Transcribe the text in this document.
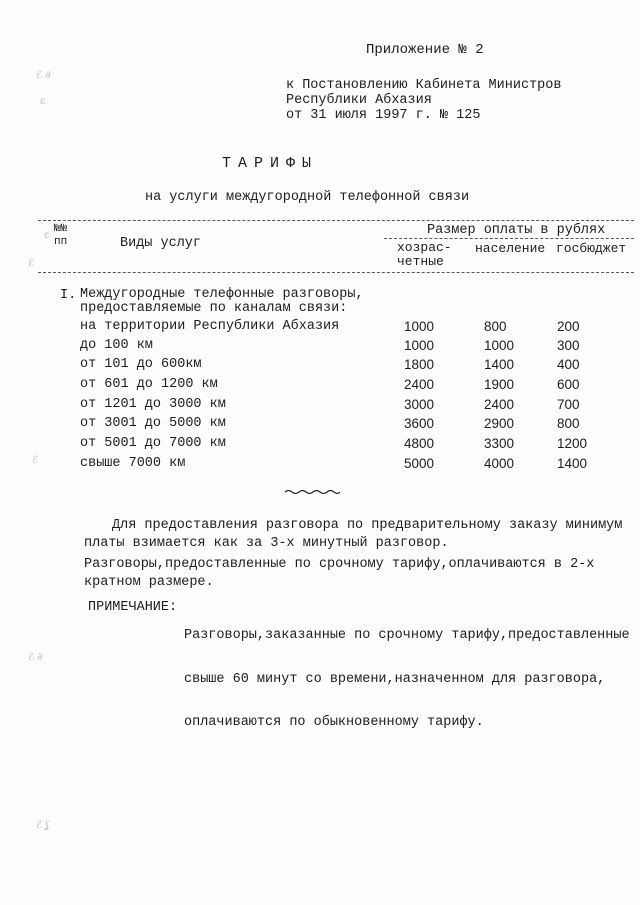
ℰ ∂
ɛ
ɛ
ℰ
ℰ
ℰ ∂
ℰ ʆ
Приложение № 2
к Постановлению Кабинета Министров
Республики Абхазия
от 31 июля 1997 г. № 125
ТАРИФЫ
на услуги междугородной телефонной связи
№№
пп	Виды услуг
Размер оплаты в рублях
хозрас-
четные
население госбюджет
I. Междугородные телефонные разговоры,
предоставляемые по каналам связи:
на территории Республики Абхазия	1000	800	200
до 100 км	1000	1000	300
от 101 до 600км	1800	1400	400
от 601 до 1200 км	2400	1900	600
от 1201 до 3000 км	3000	2400	700
от 3001 до 5000 км	3600	2900	800
от 5001 до 7000 км	4800	3300	1200
свыше 7000 км	5000	4000	1400
Для предоставления разговора по предварительному заказу минимум
платы взимается как за 3-х минутный разговор.
Разговоры,предоставленные по срочному тарифу,оплачиваются в 2-х
кратном размере.
ПРИМЕЧАНИЕ:

Разговоры,заказанные по срочному тарифу,предоставленные

свыше 60 минут со времени,назначенном для разговора,

оплачиваются по обыкновенному тарифу.
